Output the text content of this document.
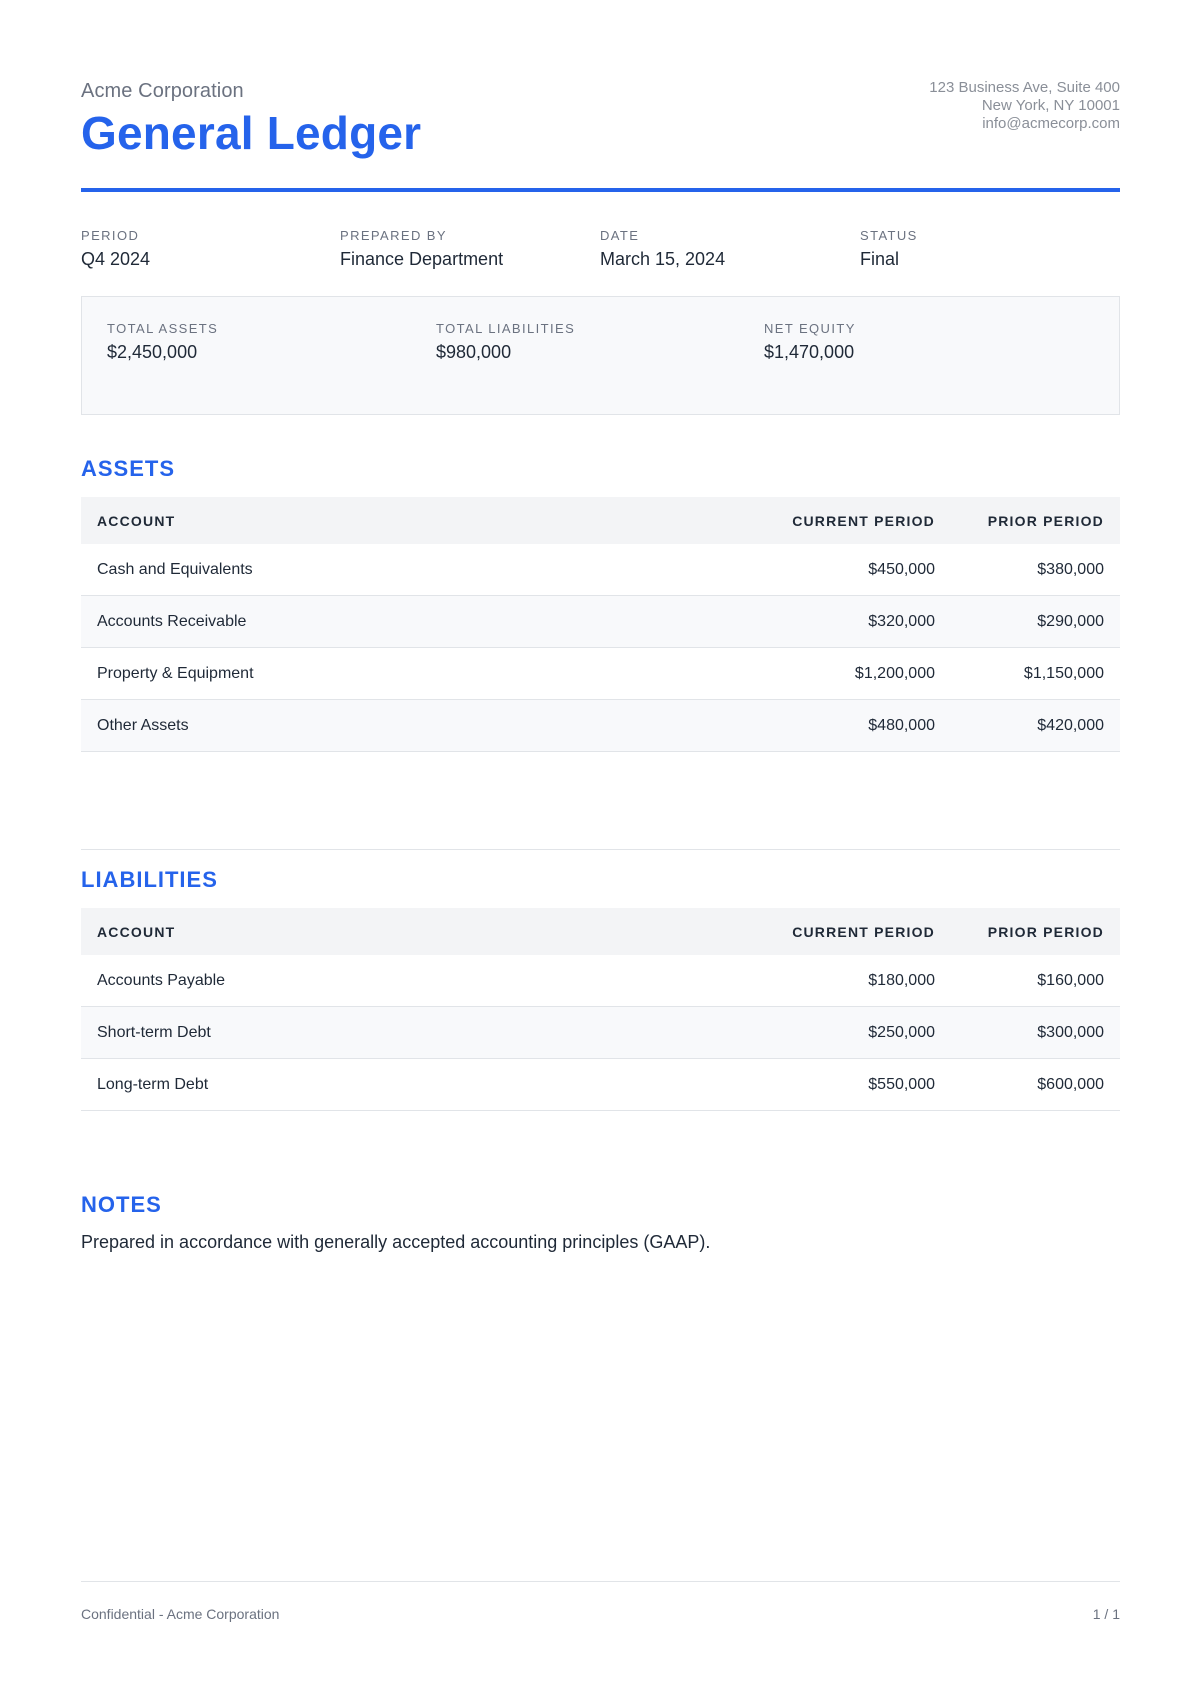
Acme Corporation
General Ledger
123 Business Ave, Suite 400
New York, NY 10001
info@acmecorp.com
PERIOD
Q4 2024
PREPARED BY
Finance Department
DATE
March 15, 2024
STATUS
Final
TOTAL ASSETS
$2,450,000
TOTAL LIABILITIES
$980,000
NET EQUITY
$1,470,000
ASSETS
ACCOUNT	CURRENT PERIOD	PRIOR PERIOD
Cash and Equivalents	$450,000	$380,000
Accounts Receivable	$320,000	$290,000
Property & Equipment	$1,200,000	$1,150,000
Other Assets	$480,000	$420,000
LIABILITIES
ACCOUNT	CURRENT PERIOD	PRIOR PERIOD
Accounts Payable	$180,000	$160,000
Short-term Debt	$250,000	$300,000
Long-term Debt	$550,000	$600,000
NOTES
Prepared in accordance with generally accepted accounting principles (GAAP).
Confidential - Acme Corporation	1 / 1
